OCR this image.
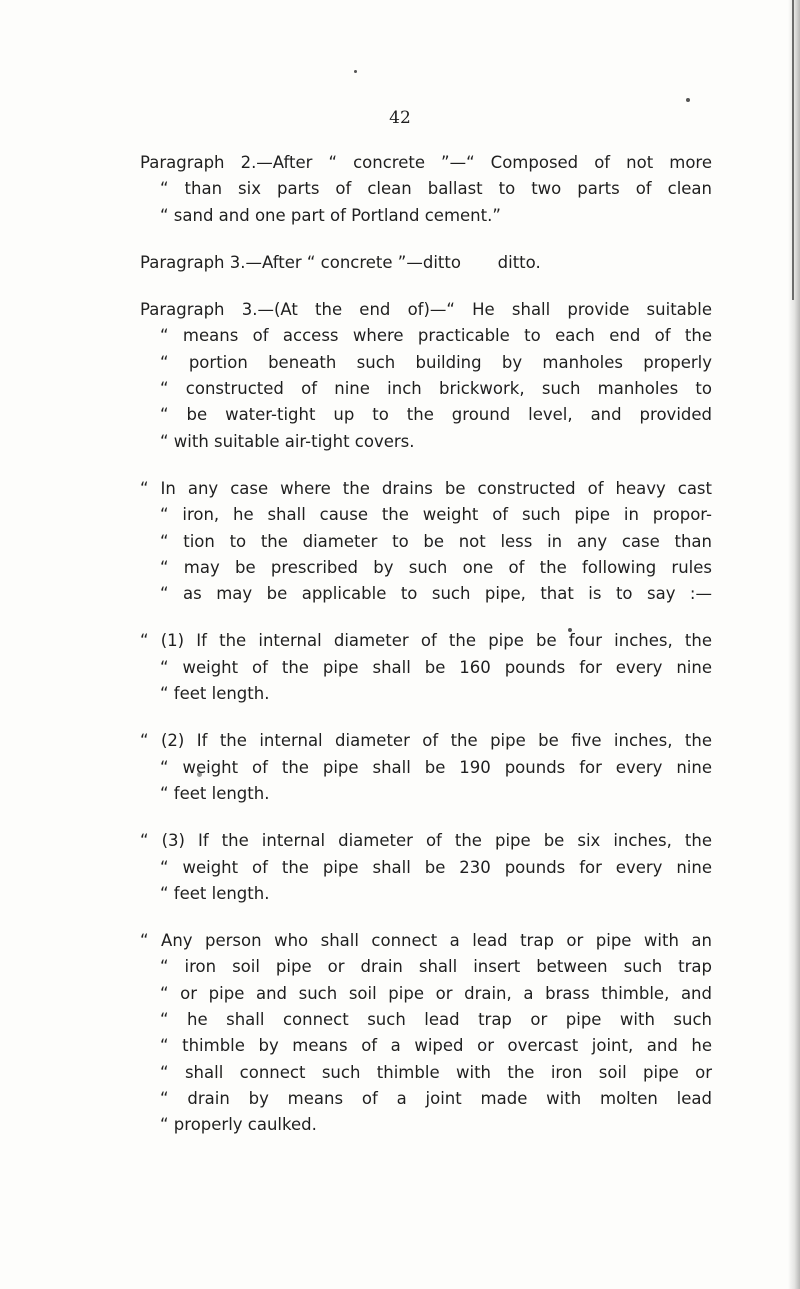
42
Paragraph 2.—After “ concrete ”—“ Composed of not more
“ than six parts of clean ballast to two parts of clean
“ sand and one part of Portland cement.”
Paragraph 3.—After “ concrete ”—ditto       ditto.
Paragraph 3.—(At the end of)—“ He shall provide suitable
“ means of access where practicable to each end of the
“ portion beneath such building by manholes properly
“ constructed of nine inch brickwork, such manholes to
“ be water-tight up to the ground level, and provided
“ with suitable air-tight covers.
“ In any case where the drains be constructed of heavy cast
“ iron, he shall cause the weight of such pipe in propor-
“ tion to the diameter to be not less in any case than
“ may be prescribed by such one of the following rules
“ as may be applicable to such pipe, that is to say :—
“ (1) If the internal diameter of the pipe be four inches, the
“ weight of the pipe shall be 160 pounds for every nine
“ feet length.
“ (2) If the internal diameter of the pipe be five inches, the
“ weight of the pipe shall be 190 pounds for every nine
“ feet length.
“ (3) If the internal diameter of the pipe be six inches, the
“ weight of the pipe shall be 230 pounds for every nine
“ feet length.
“ Any person who shall connect a lead trap or pipe with an
“ iron soil pipe or drain shall insert between such trap
“ or pipe and such soil pipe or drain, a brass thimble, and
“ he shall connect such lead trap or pipe with such
“ thimble by means of a wiped or overcast joint, and he
“ shall connect such thimble with the iron soil pipe or
“ drain by means of a joint made with molten lead
“ properly caulked.
